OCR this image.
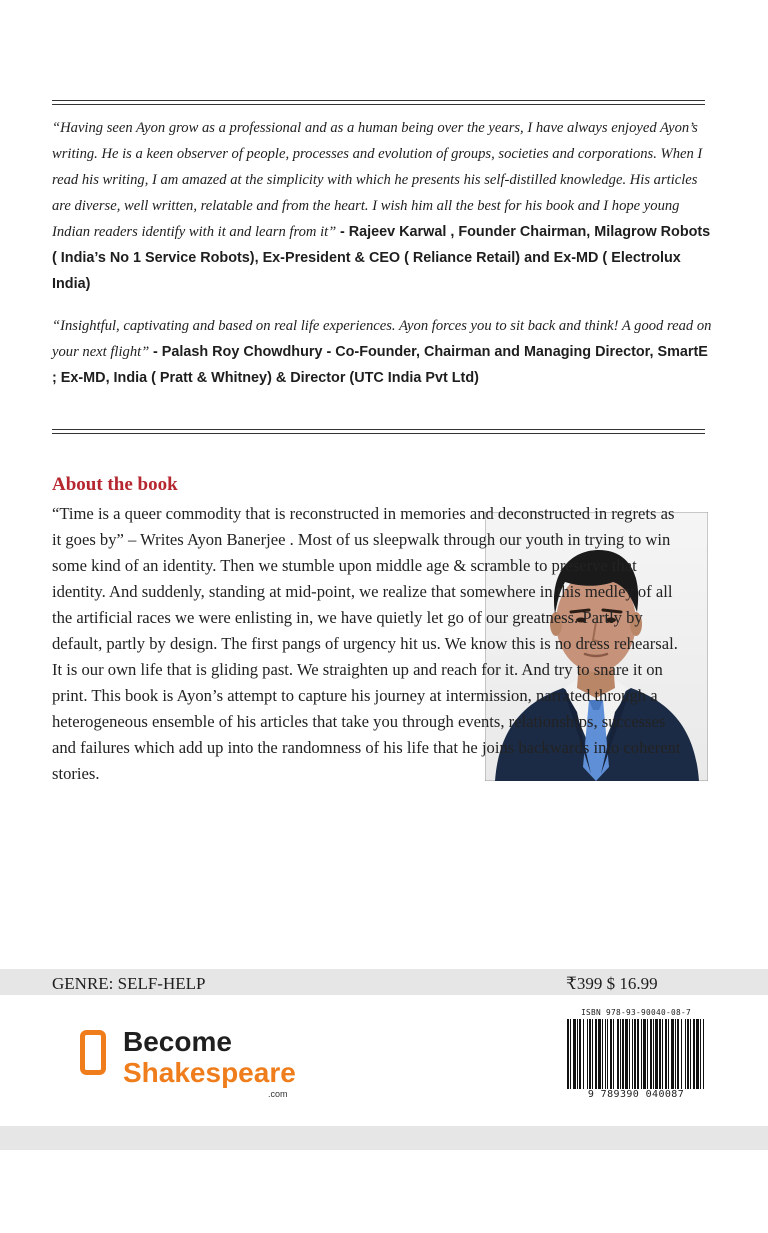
“Having seen Ayon grow as a professional and as a human being over the years, I have always enjoyed Ayon’s writing. He is a keen observer of people, processes and evolution of groups, societies and corporations. When I read his writing, I am amazed at the simplicity with which he presents his self-distilled knowledge. His articles are diverse, well written, relatable and from the heart. I wish him all the best for his book and I hope young Indian readers identify with it and learn from it” - Rajeev Karwal , Founder Chairman, Milagrow Robots ( India’s No 1 Service Robots), Ex-President & CEO ( Reliance Retail) and Ex-MD ( Electrolux India)
“Insightful, captivating and based on real life experiences. Ayon forces you to sit back and think! A good read on your next flight” - Palash Roy Chowdhury - Co-Founder, Chairman and Managing Director, SmartE ; Ex-MD, India ( Pratt & Whitney) & Director (UTC India Pvt Ltd)
About the book
“Time is a queer commodity that is reconstructed in memories and deconstructed in regrets as it goes by” – Writes Ayon Banerjee . Most of us sleepwalk through our youth in trying to win some kind of an identity. Then we stumble upon middle age & scramble to preserve that identity. And suddenly, standing at mid-point, we realize that somewhere in this medley of all the artificial races we were enlisting in, we have quietly let go of our greatness. Partly by default, partly by design. The first pangs of urgency hit us. We know this is no dress rehearsal. It is our own life that is gliding past. We straighten up and reach for it. And try to snare it on print. This book is Ayon’s attempt to capture his journey at intermission, narrated through a heterogeneous ensemble of his articles that take you through events, relationships, successes and failures which add up into the randomness of his life that he joins backwards into coherent stories.
GENRE: SELF-HELP	₹399 $ 16.99
Become
Shakespeare
.com
ISBN 978-93-90040-08-7
9 789390 040087
